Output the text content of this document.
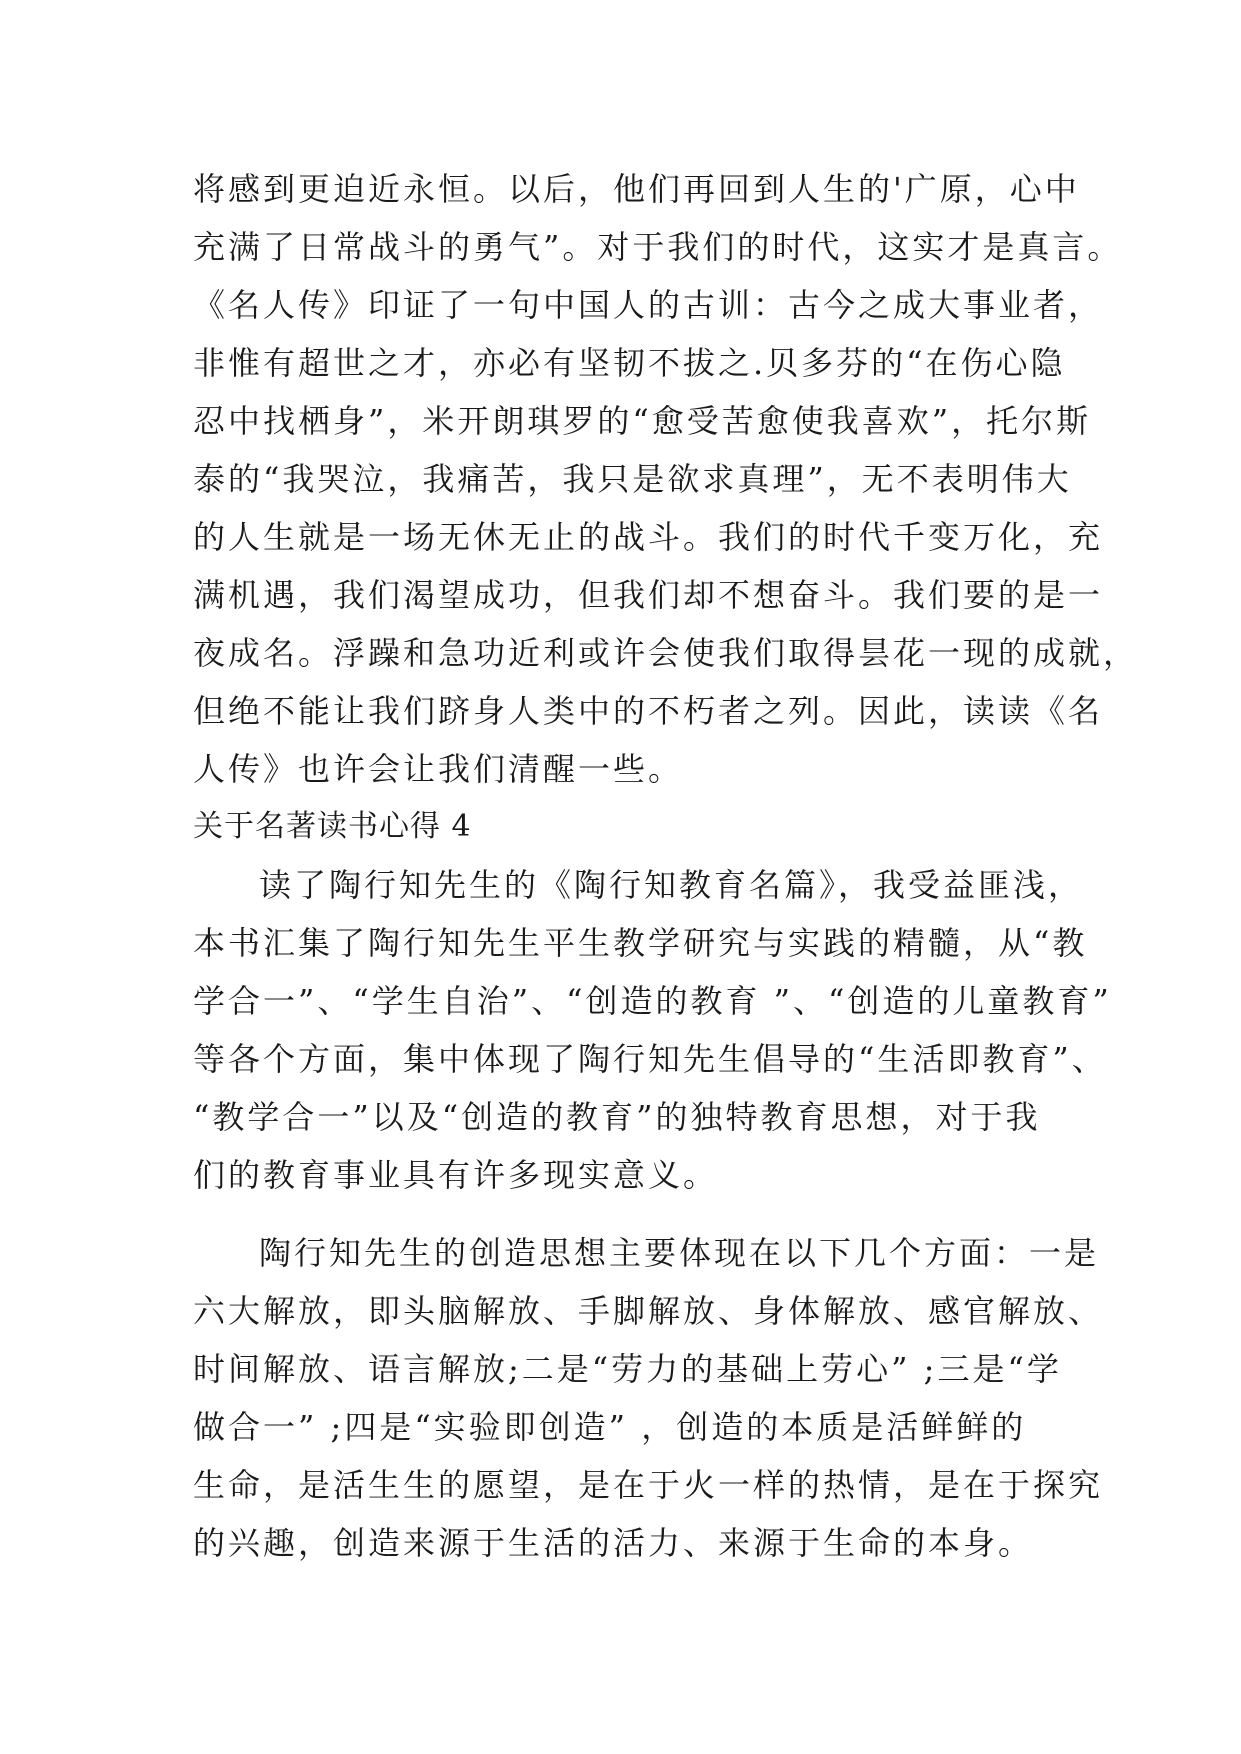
将感到更迫近永恒。以后，他们再回到人生的'广原，心中
充满了日常战斗的勇气”。对于我们的时代，这实才是真言。
《名人传》印证了一句中国人的古训：古今之成大事业者，
非惟有超世之才，亦必有坚韧不拔之.贝多芬的“在伤心隐
忍中找栖身”，米开朗琪罗的“愈受苦愈使我喜欢”，托尔斯
泰的“我哭泣，我痛苦，我只是欲求真理”，无不表明伟大
的人生就是一场无休无止的战斗。我们的时代千变万化，充
满机遇，我们渴望成功，但我们却不想奋斗。我们要的是一
夜成名。浮躁和急功近利或许会使我们取得昙花一现的成就，
但绝不能让我们跻身人类中的不朽者之列。因此，读读《名
人传》也许会让我们清醒一些。
关于名著读书心得 4
读了陶行知先生的《陶行知教育名篇》，我受益匪浅，
本书汇集了陶行知先生平生教学研究与实践的精髓，从“教
学合一”、“学生自治”、“创造的教育 ”、“创造的儿童教育”
等各个方面，集中体现了陶行知先生倡导的“生活即教育”、
“教学合一”以及“创造的教育”的独特教育思想，对于我
们的教育事业具有许多现实意义。
陶行知先生的创造思想主要体现在以下几个方面：一是
六大解放，即头脑解放、手脚解放、身体解放、感官解放、
时间解放、语言解放;二是“劳力的基础上劳心” ;三是“学
做合一” ;四是“实验即创造” ，创造的本质是活鲜鲜的
生命，是活生生的愿望，是在于火一样的热情，是在于探究
的兴趣，创造来源于生活的活力、来源于生命的本身。
